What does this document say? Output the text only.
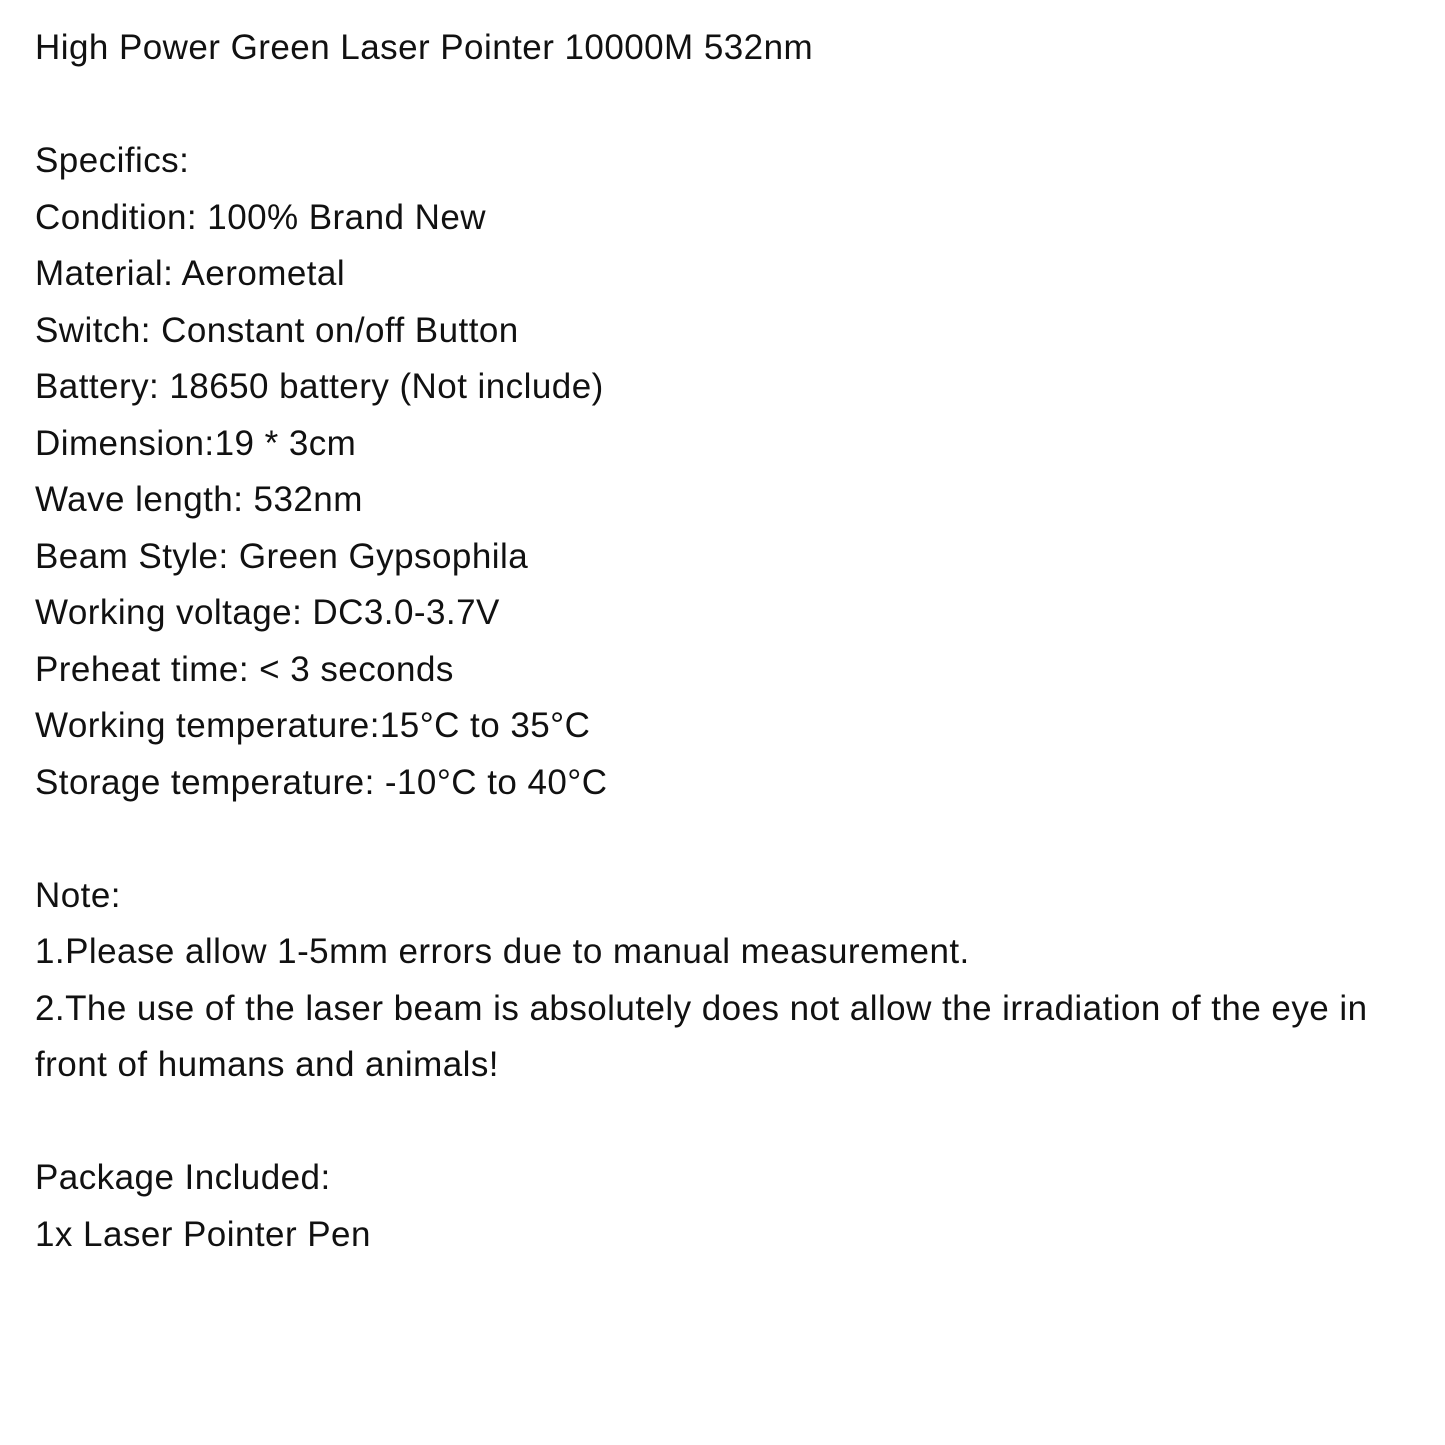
High Power Green Laser Pointer 10000M 532nm
Specifics:
Condition: 100% Brand New
Material: Aerometal
Switch: Constant on/off Button
Battery: 18650 battery (Not include)
Dimension:19 * 3cm
Wave length: 532nm
Beam Style: Green Gypsophila
Working voltage: DC3.0-3.7V
Preheat time: < 3 seconds
Working temperature:15°C to 35°C
Storage temperature: -10°C to 40°C
Note:
1.Please allow 1-5mm errors due to manual measurement.
2.The use of the laser beam is absolutely does not allow the irradiation of the eye in front of humans and animals!
Package Included:
1x Laser Pointer Pen
